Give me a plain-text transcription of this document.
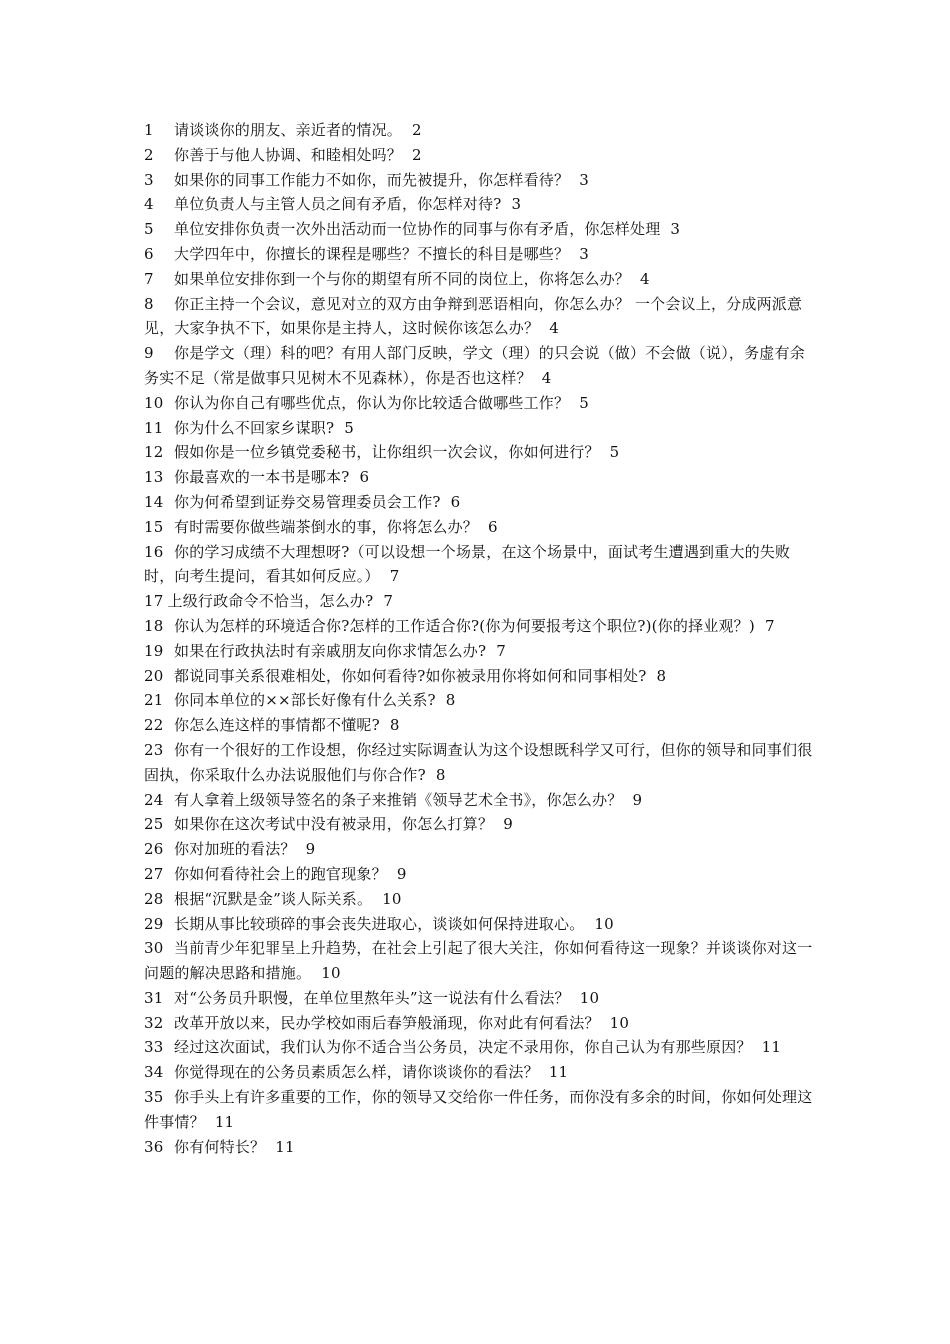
1 请谈谈你的朋友、亲近者的情况。 2

2 你善于与他人协调、和睦相处吗？ 2

3 如果你的同事工作能力不如你，而先被提升，你怎样看待？ 3

4 单位负责人与主管人员之间有矛盾，你怎样对待? 3

5 单位安排你负责一次外出活动而一位协作的同事与你有矛盾，你怎样处理 3

6 大学四年中，你擅长的课程是哪些？不擅长的科目是哪些？ 3

7 如果单位安排你到一个与你的期望有所不同的岗位上，你将怎么办？ 4

8 你正主持一个会议，意见对立的双方由争辩到恶语相向，你怎么办？ 一个会议上，分成两派意见，大家争执不下，如果你是主持人，这时候你该怎么办？ 4

9 你是学文（理）科的吧？有用人部门反映，学文（理）的只会说（做）不会做（说），务虚有余务实不足（常是做事只见树木不见森林），你是否也这样？ 4

10 你认为你自己有哪些优点，你认为你比较适合做哪些工作？ 5

11 你为什么不回家乡谋职? 5

12 假如你是一位乡镇党委秘书，让你组织一次会议，你如何进行？ 5

13 你最喜欢的一本书是哪本? 6

14 你为何希望到证券交易管理委员会工作? 6

15 有时需要你做些端茶倒水的事，你将怎么办？ 6

16 你的学习成绩不大理想呀?（可以设想一个场景，在这个场景中，面试考生遭遇到重大的失败时，向考生提问，看其如何反应。） 7

17 上级行政命令不恰当，怎么办? 7

18 你认为怎样的环境适合你?怎样的工作适合你?(你为何要报考这个职位?)(你的择业观？) 7

19 如果在行政执法时有亲戚朋友向你求情怎么办? 7

20 都说同事关系很难相处，你如何看待?如你被录用你将如何和同事相处? 8

21 你同本单位的××部长好像有什么关系? 8

22 你怎么连这样的事情都不懂呢? 8

23 你有一个很好的工作设想，你经过实际调查认为这个设想既科学又可行，但你的领导和同事们很固执，你采取什么办法说服他们与你合作? 8

24 有人拿着上级领导签名的条子来推销《领导艺术全书》，你怎么办？ 9

25 如果你在这次考试中没有被录用，你怎么打算？ 9

26 你对加班的看法？ 9

27 你如何看待社会上的跑官现象？ 9

28 根据“沉默是金”谈人际关系。 10

29 长期从事比较琐碎的事会丧失进取心，谈谈如何保持进取心。 10

30 当前青少年犯罪呈上升趋势，在社会上引起了很大关注，你如何看待这一现象？并谈谈你对这一问题的解决思路和措施。 10

31 对“公务员升职慢，在单位里熬年头”这一说法有什么看法？ 10

32 改革开放以来，民办学校如雨后春笋般涌现，你对此有何看法？ 10

33 经过这次面试，我们认为你不适合当公务员，决定不录用你，你自己认为有那些原因？ 11

34 你觉得现在的公务员素质怎么样，请你谈谈你的看法？ 11

35 你手头上有许多重要的工作，你的领导又交给你一件任务，而你没有多余的时间，你如何处理这件事情？ 11

36 你有何特长？ 11
